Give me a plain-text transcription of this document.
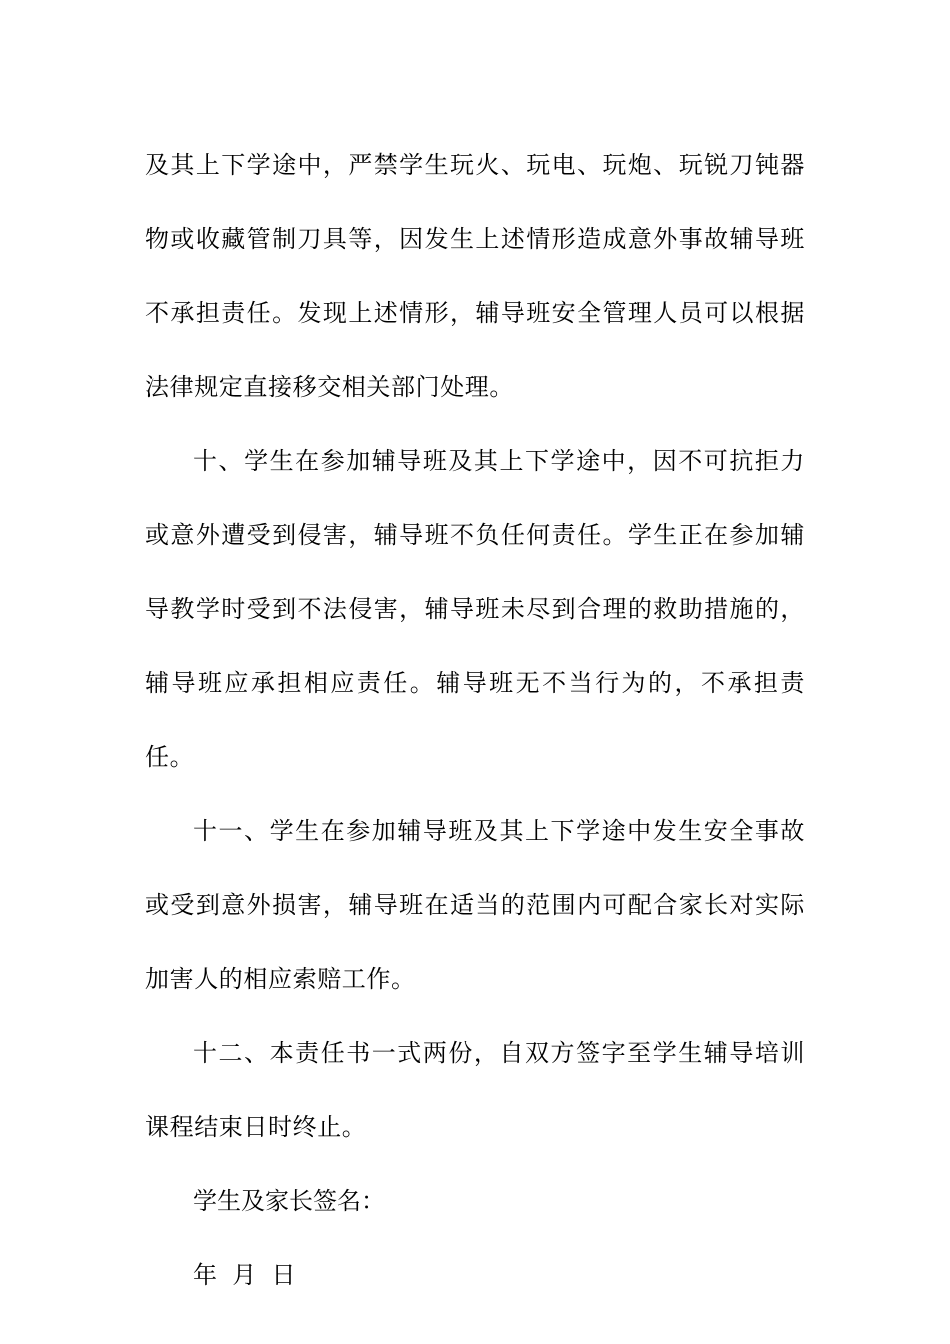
及其上下学途中，严禁学生玩火、玩电、玩炮、玩锐刀钝器物或收藏管制刀具等，因发生上述情形造成意外事故辅导班不承担责任。发现上述情形，辅导班安全管理人员可以根据法律规定直接移交相关部门处理。

十、学生在参加辅导班及其上下学途中，因不可抗拒力或意外遭受到侵害，辅导班不负任何责任。学生正在参加辅导教学时受到不法侵害，辅导班未尽到合理的救助措施的，辅导班应承担相应责任。辅导班无不当行为的，不承担责任。

十一、学生在参加辅导班及其上下学途中发生安全事故或受到意外损害，辅导班在适当的范围内可配合家长对实际加害人的相应索赔工作。

十二、本责任书一式两份，自双方签字至学生辅导培训课程结束日时终止。

学生及家长签名：

年  月  日
